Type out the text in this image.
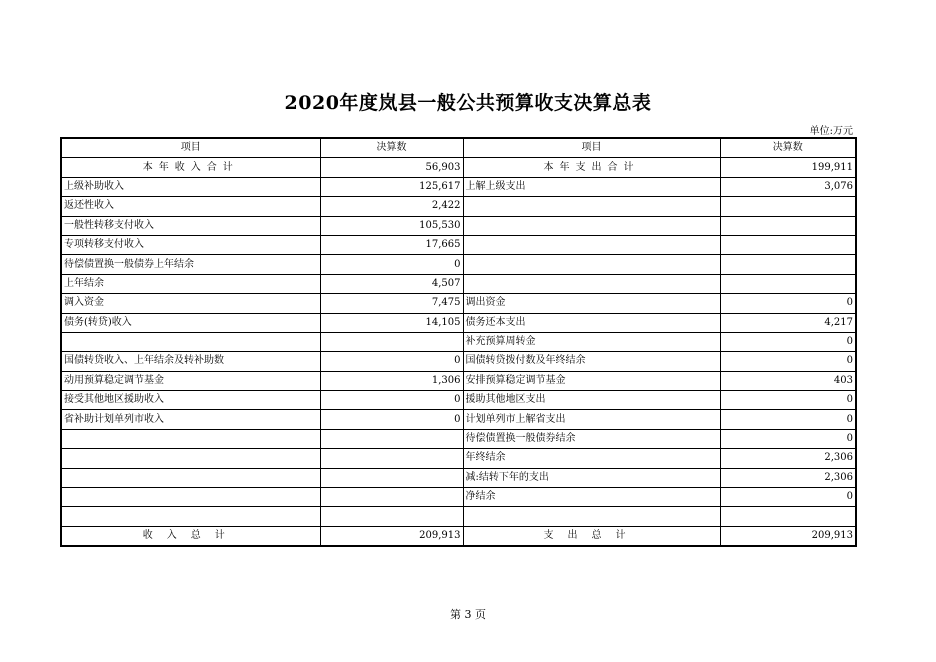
2020年度岚县一般公共预算收支决算总表
单位:万元
项目	决算数	项目	决算数
本年收入合计	56,903	本年支出合计	199,911
上级补助收入	125,617	上解上级支出	3,076
返还性收入	2,422		
一般性转移支付收入	105,530		
专项转移支付收入	17,665		
待偿债置换一般债券上年结余	0		
上年结余	4,507		
调入资金	7,475	调出资金	0
债务(转贷)收入	14,105	债务还本支出	4,217
		补充预算周转金	0
国债转贷收入、上年结余及转补助数	0	国债转贷拨付数及年终结余	0
动用预算稳定调节基金	1,306	安排预算稳定调节基金	403
接受其他地区援助收入	0	援助其他地区支出	0
省补助计划单列市收入	0	计划单列市上解省支出	0
		待偿债置换一般债券结余	0
		年终结余	2,306
		减:结转下年的支出	2,306
		净结余	0

收入总计	209,913	支出总计	209,913
第 3 页
